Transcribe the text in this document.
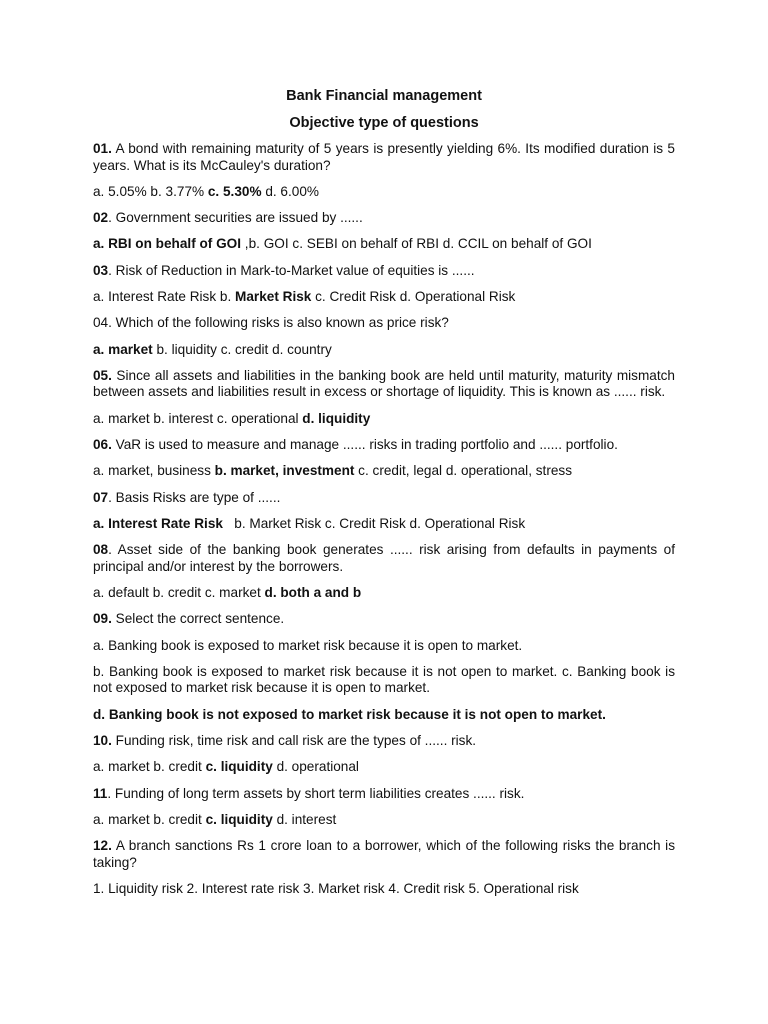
Bank Financial management
Objective type of questions

01. A bond with remaining maturity of 5 years is presently yielding 6%. Its modified duration is 5 years. What is its McCauley's duration?

a. 5.05% b. 3.77% c. 5.30% d. 6.00%

02. Government securities are issued by ......

a. RBI on behalf of GOI ,b. GOI c. SEBI on behalf of RBI d. CCIL on behalf of GOI

03. Risk of Reduction in Mark-to-Market value of equities is ......

a. Interest Rate Risk b. Market Risk c. Credit Risk d. Operational Risk

04. Which of the following risks is also known as price risk?

a. market b. liquidity c. credit d. country

05. Since all assets and liabilities in the banking book are held until maturity, maturity mismatch between assets and liabilities result in excess or shortage of liquidity. This is known as ...... risk.

a. market b. interest c. operational d. liquidity

06. VaR is used to measure and manage ...... risks in trading portfolio and ...... portfolio.

a. market, business b. market, investment c. credit, legal d. operational, stress

07. Basis Risks are type of ......

a. Interest Rate Risk   b. Market Risk c. Credit Risk d. Operational Risk

08. Asset side of the banking book generates ...... risk arising from defaults in payments of principal and/or interest by the borrowers.

a. default b. credit c. market d. both a and b

09. Select the correct sentence.

a. Banking book is exposed to market risk because it is open to market.

b. Banking book is exposed to market risk because it is not open to market. c. Banking book is not exposed to market risk because it is open to market.

d. Banking book is not exposed to market risk because it is not open to market.

10. Funding risk, time risk and call risk are the types of ...... risk.

a. market b. credit c. liquidity d. operational

11. Funding of long term assets by short term liabilities creates ...... risk.

a. market b. credit c. liquidity d. interest

12. A branch sanctions Rs 1 crore loan to a borrower, which of the following risks the branch is taking?

1. Liquidity risk 2. Interest rate risk 3. Market risk 4. Credit risk 5. Operational risk
